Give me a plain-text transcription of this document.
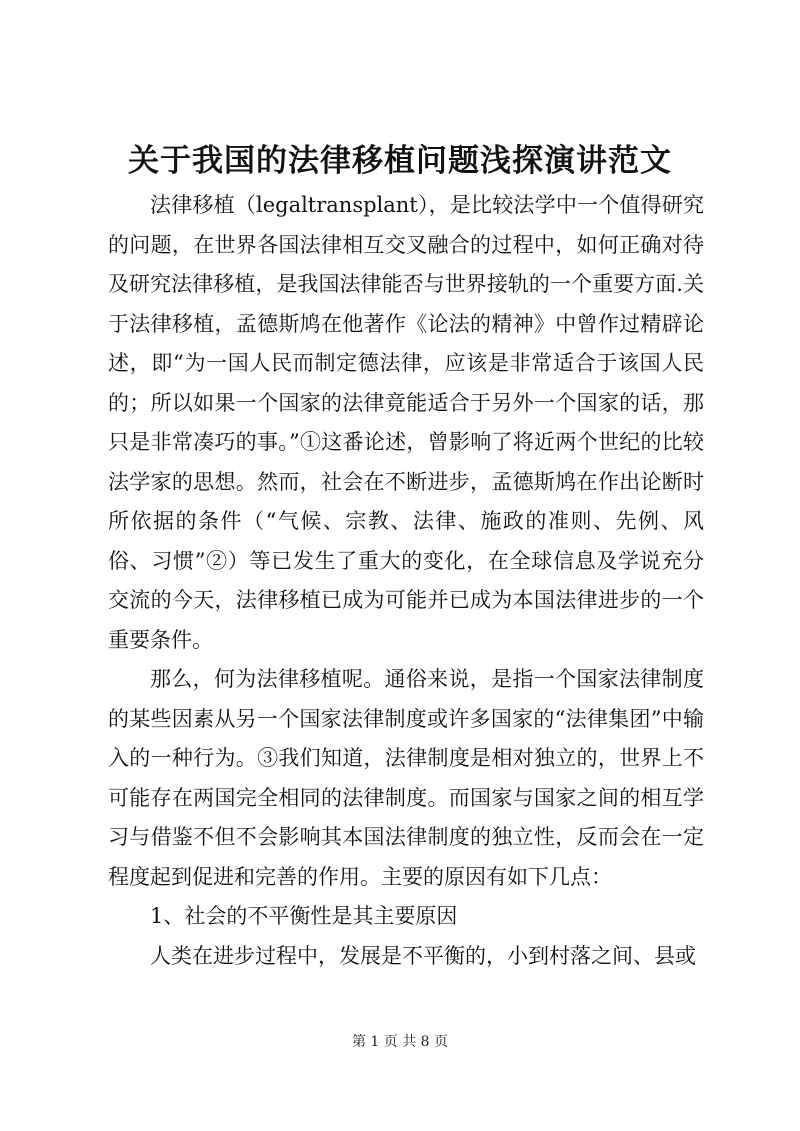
关于我国的法律移植问题浅探演讲范文

法律移植（legaltransplant），是比较法学中一个值得研究的问题，在世界各国法律相互交叉融合的过程中，如何正确对待及研究法律移植，是我国法律能否与世界接轨的一个重要方面.关于法律移植，孟德斯鸠在他著作《论法的精神》中曾作过精辟论述，即“为一国人民而制定德法律，应该是非常适合于该国人民的；所以如果一个国家的法律竟能适合于另外一个国家的话，那只是非常凑巧的事。”①这番论述，曾影响了将近两个世纪的比较法学家的思想。然而，社会在不断进步，孟德斯鸠在作出论断时所依据的条件（“气候、宗教、法律、施政的准则、先例、风俗、习惯”②）等已发生了重大的变化，在全球信息及学说充分交流的今天，法律移植已成为可能并已成为本国法律进步的一个重要条件。

那么，何为法律移植呢。通俗来说，是指一个国家法律制度的某些因素从另一个国家法律制度或许多国家的“法律集团”中输入的一种行为。③我们知道，法律制度是相对独立的，世界上不可能存在两国完全相同的法律制度。而国家与国家之间的相互学习与借鉴不但不会影响其本国法律制度的独立性，反而会在一定程度起到促进和完善的作用。主要的原因有如下几点：

1、社会的不平衡性是其主要原因

人类在进步过程中，发展是不平衡的，小到村落之间、县或

第 1 页 共 8 页
